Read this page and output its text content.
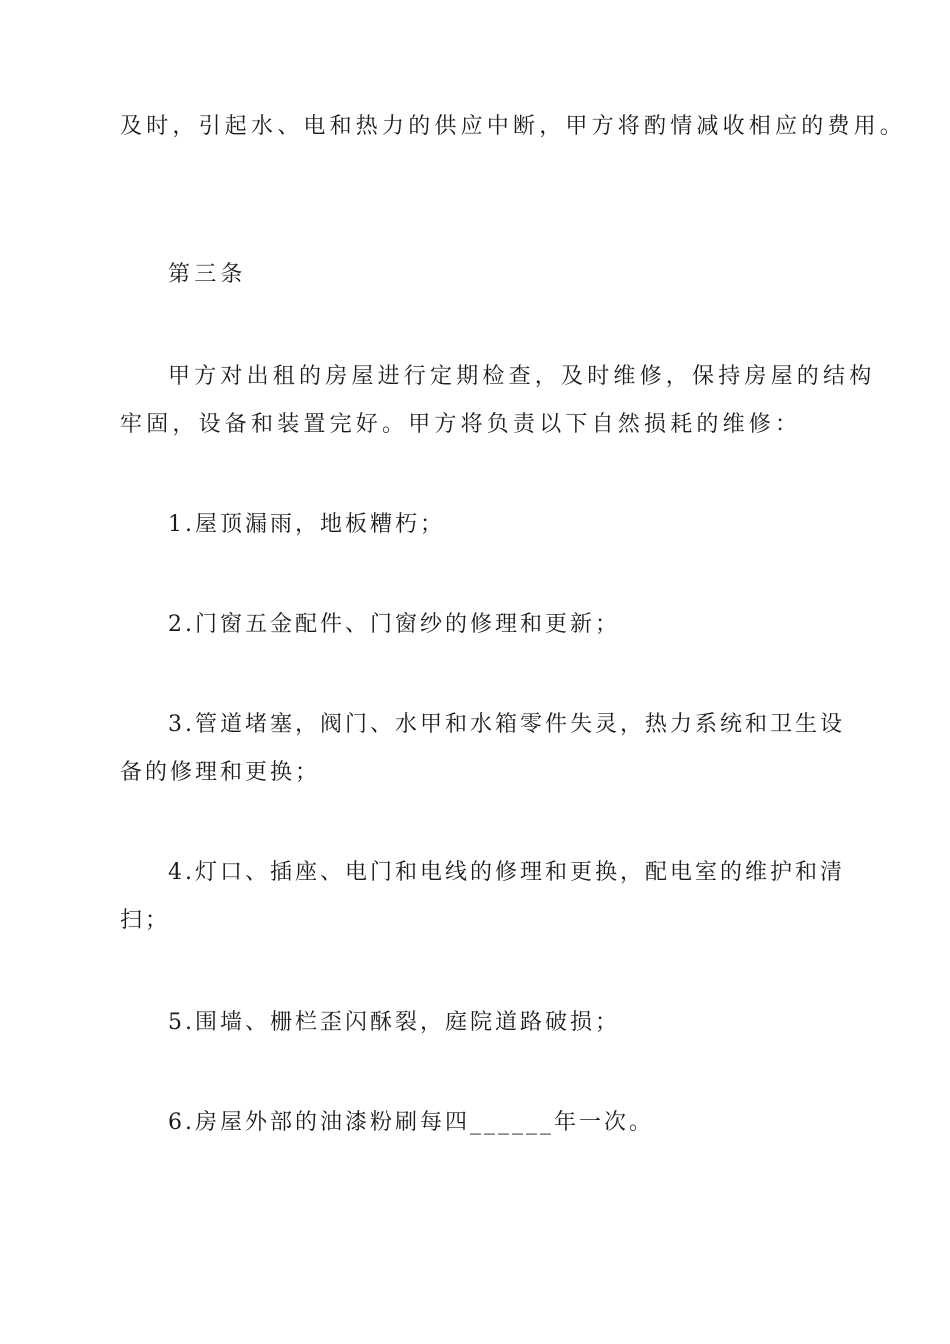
及时，引起水、电和热力的供应中断，甲方将酌情减收相应的费用。
第三条
甲方对出租的房屋进行定期检查，及时维修，保持房屋的结构
牢固，设备和装置完好。甲方将负责以下自然损耗的维修：
1.屋顶漏雨，地板糟朽；
2.门窗五金配件、门窗纱的修理和更新；
3.管道堵塞，阀门、水甲和水箱零件失灵，热力系统和卫生设
备的修理和更换；
4.灯口、插座、电门和电线的修理和更换，配电室的维护和清
扫；
5.围墙、栅栏歪闪酥裂，庭院道路破损；
6.房屋外部的油漆粉刷每四______年一次。
